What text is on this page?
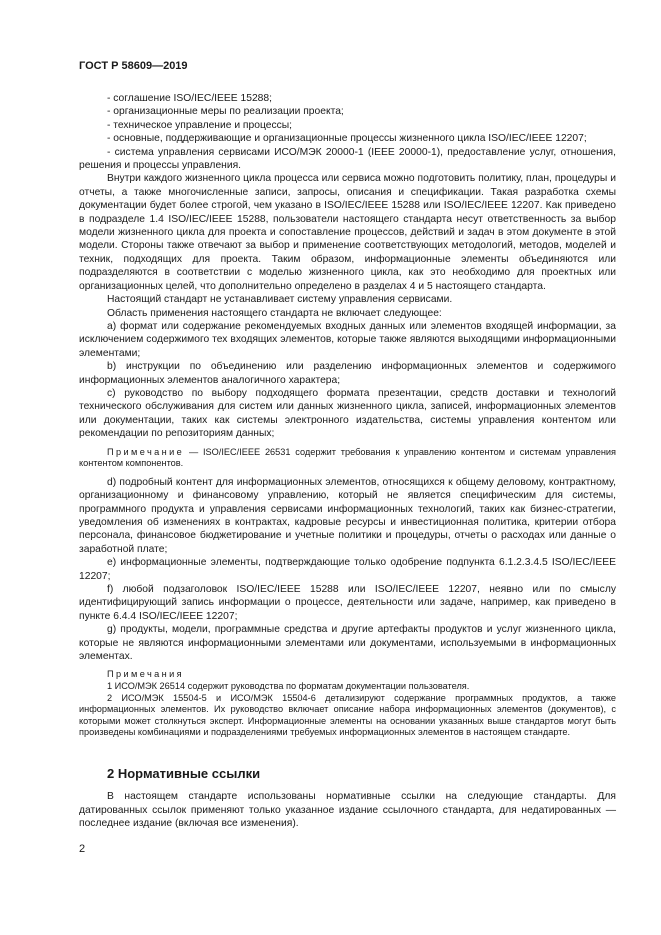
ГОСТ Р 58609—2019

- соглашение ISO/IEC/IEEE 15288;

- организационные меры по реализации проекта;

- техническое управление и процессы;

- основные, поддерживающие и организационные процессы жизненного цикла ISO/IEC/IEEE 12207;

- система управления сервисами ИСО/МЭК 20000-1 (IEEE 20000-1), предоставление услуг, отношения, решения и процессы управления.

Внутри каждого жизненного цикла процесса или сервиса можно подготовить политику, план, процедуры и отчеты, а также многочисленные записи, запросы, описания и спецификации. Такая разработка схемы документации будет более строгой, чем указано в ISO/IEC/IEEE 15288 или ISO/IEC/IEEE 12207. Как приведено в подразделе 1.4 ISO/IEC/IEEE 15288, пользователи настоящего стандарта несут ответственность за выбор модели жизненного цикла для проекта и сопоставление процессов, действий и задач в этом документе в этой модели. Стороны также отвечают за выбор и применение соответствующих методологий, методов, моделей и техник, подходящих для проекта. Таким образом, информационные элементы объединяются или подразделяются в соответствии с моделью жизненного цикла, как это необходимо для проектных или организационных целей, что дополнительно определено в разделах 4 и 5 настоящего стандарта.

Настоящий стандарт не устанавливает систему управления сервисами.

Область применения настоящего стандарта не включает следующее:

а) формат или содержание рекомендуемых входных данных или элементов входящей информации, за исключением содержимого тех входящих элементов, которые также являются выходящими информационными элементами;

b) инструкции по объединению или разделению информационных элементов и содержимого информационных элементов аналогичного характера;

с) руководство по выбору подходящего формата презентации, средств доставки и технологий технического обслуживания для систем или данных жизненного цикла, записей, информационных элементов или документации, таких как системы электронного издательства, системы управления контентом или рекомендации по репозиториям данных;

Примечание — ISO/IEC/IEEE 26531 содержит требования к управлению контентом и системам управления контентом компонентов.

d) подробный контент для информационных элементов, относящихся к общему деловому, контрактному, организационному и финансовому управлению, который не является специфическим для системы, программного продукта и управления сервисами информационных технологий, таких как бизнес-стратегии, уведомления об изменениях в контрактах, кадровые ресурсы и инвестиционная политика, критерии отбора персонала, финансовое бюджетирование и учетные политики и процедуры, отчеты о расходах или данные о заработной плате;

е) информационные элементы, подтверждающие только одобрение подпункта 6.1.2.3.4.5 ISO/IEC/IEEE 12207;

f) любой подзаголовок ISO/IEC/IEEE 15288 или ISO/IEC/IEEE 12207, неявно или по смыслу идентифицирующий запись информации о процессе, деятельности или задаче, например, как приведено в пункте 6.4.4 ISO/IEC/IEEE 12207;

g) продукты, модели, программные средства и другие артефакты продуктов и услуг жизненного цикла, которые не являются информационными элементами или документами, используемыми в информационных элементах.

Примечания
1 ИСО/МЭК 26514 содержит руководства по форматам документации пользователя.
2 ИСО/МЭК 15504-5 и ИСО/МЭК 15504-6 детализируют содержание программных продуктов, а также информационных элементов. Их руководство включает описание набора информационных элементов (документов), с которыми может столкнуться эксперт. Информационные элементы на основании указанных выше стандартов могут быть произведены комбинациями и подразделениями требуемых информационных элементов в настоящем стандарте.
2 Нормативные ссылки

В настоящем стандарте использованы нормативные ссылки на следующие стандарты. Для датированных ссылок применяют только указанное издание ссылочного стандарта, для недатированных — последнее издание (включая все изменения).

2
